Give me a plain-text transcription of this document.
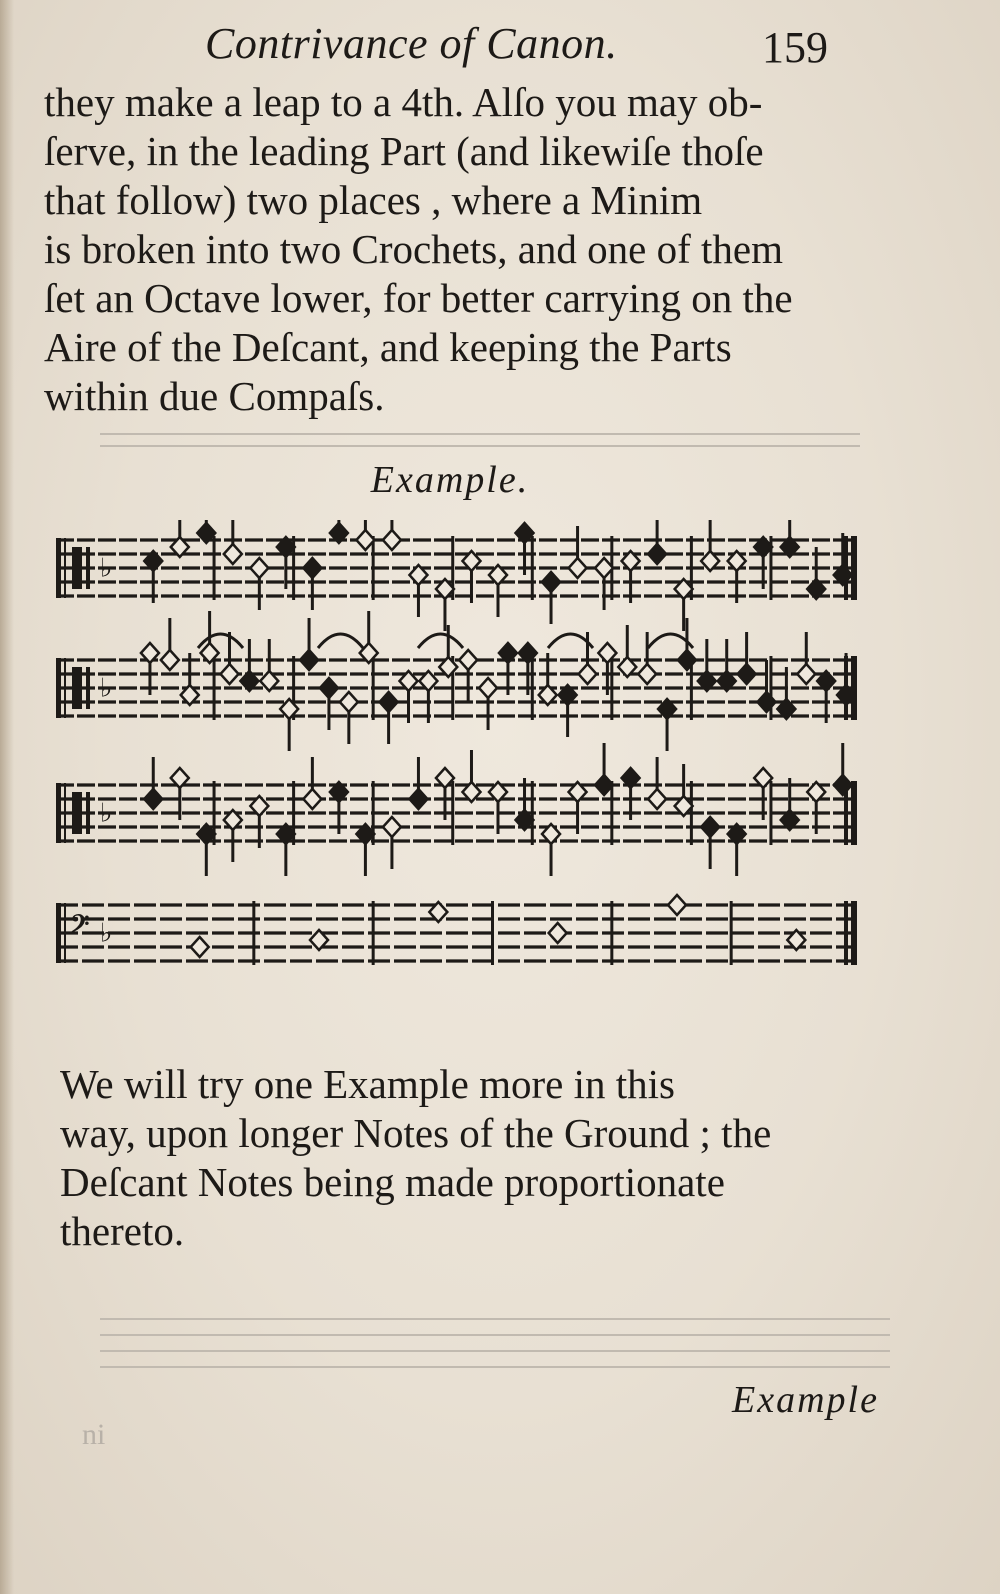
Contrivance of Canon.	159

they make a leap to a 4th. Alſo you may ob-
ſerve, in the leading Part (and likewiſe thoſe
that follow) two places , where a Minim
is broken into two Crochets, and one of them
ſet an Octave lower, for better carrying on the
Aire of the Deſcant, and keeping the Parts
within due Compaſs.

Example.
♭
♭
♭
𝄢 ♭

We will try one Example more in this
way, upon longer Notes of the Ground ; the
Deſcant Notes being made proportionate
thereto.

Example
ni
